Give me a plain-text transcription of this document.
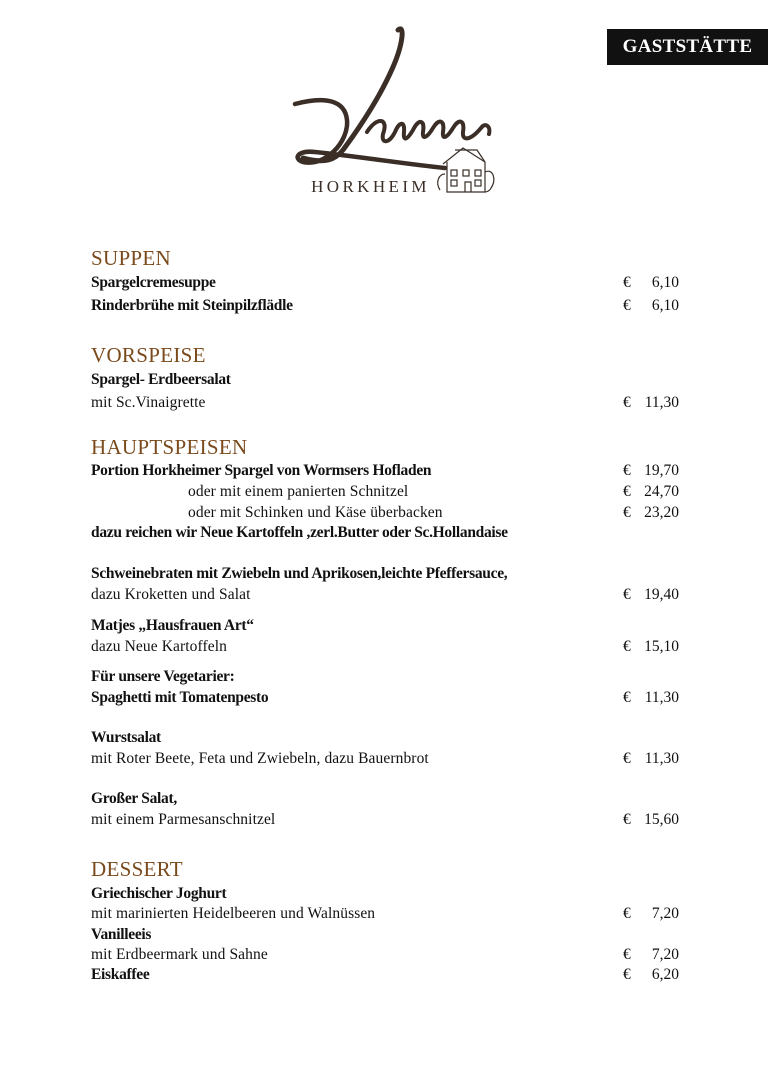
GASTSTÄTTE
HORKHEIM
SUPPEN
Spargelcremesuppe	€ 6,10
Rinderbrühe mit Steinpilzflädle	€ 6,10
VORSPEISE
Spargel- Erdbeersalat
mit Sc.Vinaigrette	€ 11,30
HAUPTSPEISEN
Portion Horkheimer Spargel von Wormsers Hofladen	€ 19,70
oder mit einem panierten Schnitzel	€ 24,70
oder mit Schinken und Käse überbacken	€ 23,20
dazu reichen wir Neue Kartoffeln ,zerl.Butter oder Sc.Hollandaise
Schweinebraten mit Zwiebeln und Aprikosen,leichte Pfeffersauce,
dazu Kroketten und Salat	€ 19,40
Matjes „Hausfrauen Art“
dazu Neue Kartoffeln	€ 15,10
Für unsere Vegetarier:
Spaghetti mit Tomatenpesto	€ 11,30
Wurstsalat
mit Roter Beete, Feta und Zwiebeln, dazu Bauernbrot	€ 11,30
Großer Salat,
mit einem Parmesanschnitzel	€ 15,60
DESSERT
Griechischer Joghurt
mit marinierten Heidelbeeren und Walnüssen	€ 7,20
Vanilleeis
mit Erdbeermark und Sahne	€ 7,20
Eiskaffee	€ 6,20
